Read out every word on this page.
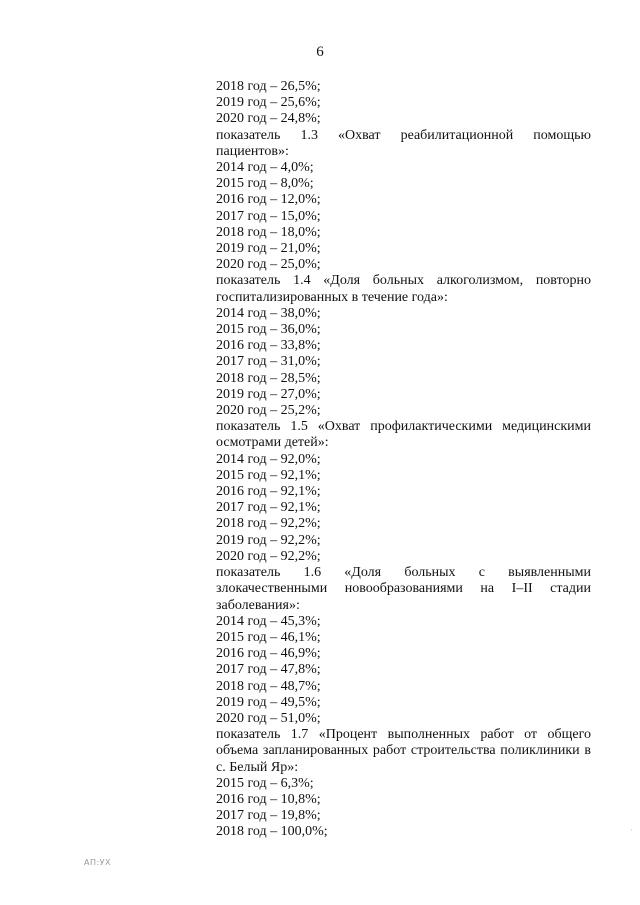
6
2018 год – 26,5%;
2019 год – 25,6%;
2020 год – 24,8%;
показатель 1.3 «Охват реабилитационной помощью пациентов»:
2014 год – 4,0%;
2015 год – 8,0%;
2016 год – 12,0%;
2017 год – 15,0%;
2018 год – 18,0%;
2019 год – 21,0%;
2020 год – 25,0%;
показатель 1.4 «Доля больных алкоголизмом, повторно госпитализированных в течение года»:
2014 год – 38,0%;
2015 год – 36,0%;
2016 год – 33,8%;
2017 год – 31,0%;
2018 год – 28,5%;
2019 год – 27,0%;
2020 год – 25,2%;
показатель 1.5 «Охват профилактическими медицинскими осмотрами детей»:
2014 год – 92,0%;
2015 год – 92,1%;
2016 год – 92,1%;
2017 год – 92,1%;
2018 год – 92,2%;
2019 год – 92,2%;
2020 год – 92,2%;
показатель 1.6 «Доля больных с выявленными злокачественными новообразованиями на I–II стадии
заболевания»:
2014 год – 45,3%;
2015 год – 46,1%;
2016 год – 46,9%;
2017 год – 47,8%;
2018 год – 48,7%;
2019 год – 49,5%;
2020 год – 51,0%;
показатель 1.7 «Процент выполненных работ от общего объема запланированных работ строительства поликлиники в с. Белый Яр»:
2015 год – 6,3%;
2016 год – 10,8%;
2017 год – 19,8%;
2018 год – 100,0%;
АП:УХ
·
